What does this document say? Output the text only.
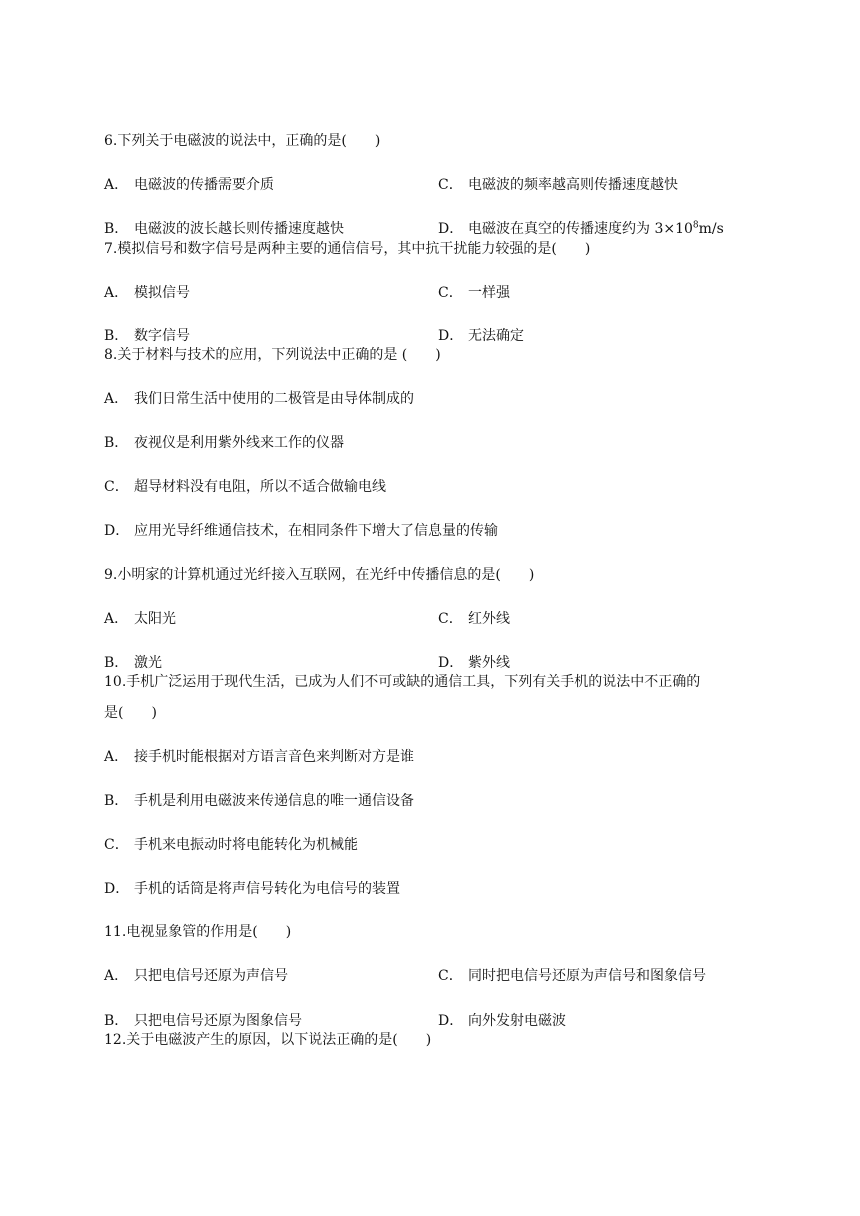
6.下列关于电磁波的说法中，正确的是(　　)
A． 电磁波的传播需要介质	C． 电磁波的频率越高则传播速度越快
B． 电磁波的波长越长则传播速度越快	D． 电磁波在真空的传播速度约为 $3\times 10^8m/s$
7.模拟信号和数字信号是两种主要的通信信号，其中抗干扰能力较强的是(　　)
A． 模拟信号	C． 一样强
B． 数字信号	D． 无法确定
8.关于材料与技术的应用，下列说法中正确的是 (　　)
A． 我们日常生活中使用的二极管是由导体制成的
B． 夜视仪是利用紫外线来工作的仪器
C． 超导材料没有电阻，所以不适合做输电线
D． 应用光导纤维通信技术，在相同条件下增大了信息量的传输
9.小明家的计算机通过光纤接入互联网，在光纤中传播信息的是(　　)
A． 太阳光	C． 红外线
B． 激光	D． 紫外线
10.手机广泛运用于现代生活，已成为人们不可或缺的通信工具，下列有关手机的说法中不正确的
是(　　)
A． 接手机时能根据对方语言音色来判断对方是谁
B． 手机是利用电磁波来传递信息的唯一通信设备
C． 手机来电振动时将电能转化为机械能
D． 手机的话筒是将声信号转化为电信号的装置
11.电视显象管的作用是(　　)
A． 只把电信号还原为声信号	C． 同时把电信号还原为声信号和图象信号
B． 只把电信号还原为图象信号	D． 向外发射电磁波
12.关于电磁波产生的原因，以下说法正确的是(　　)
